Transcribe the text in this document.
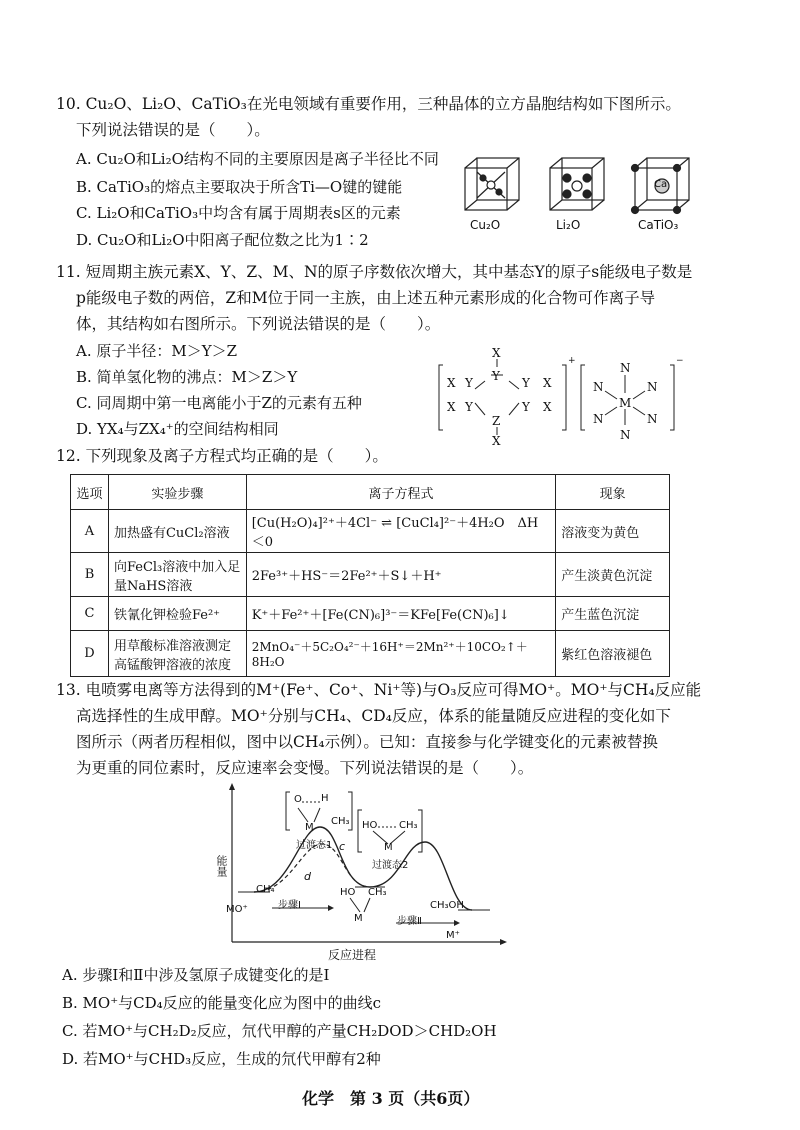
10. Cu₂O、Li₂O、CaTiO₃在光电领域有重要作用，三种晶体的立方晶胞结构如下图所示。
下列说法错误的是（　　）。
A. Cu₂O和Li₂O结构不同的主要原因是离子半径比不同
B. CaTiO₃的熔点主要取决于所含Ti—O键的键能
C. Li₂O和CaTiO₃中均含有属于周期表s区的元素
D. Cu₂O和Li₂O中阳离子配位数之比为1∶2
Cu₂O	Li₂O	CaTiO₃
Ca
11. 短周期主族元素X、Y、Z、M、N的原子序数依次增大，其中基态Y的原子s能级电子数是
p能级电子数的两倍，Z和M位于同一主族，由上述五种元素形成的化合物可作离子导
体，其结构如右图所示。下列说法错误的是（　　）。
A. 原子半径：M＞Y＞Z
B. 简单氢化物的沸点：M＞Z＞Y
C. 同周期中第一电离能小于Z的元素有五种
D. YX₄与ZX₄⁺的空间结构相同
X
Y
X Y	Y X
X Y	Y X
Z
X
+	N
N	N
M
N	N
N
−
12. 下列现象及离子方程式均正确的是（　　）。
选项	实验步骤	离子方程式	现象
A	加热盛有CuCl₂溶液	[Cu(H₂O)₄]²⁺＋4Cl⁻ ⇌ [CuCl₄]²⁻＋4H₂O　ΔH＜0	溶液变为黄色
B	向FeCl₃溶液中加入足量NaHS溶液	2Fe³⁺＋HS⁻＝2Fe²⁺＋S↓＋H⁺	产生淡黄色沉淀
C	铁氰化钾检验Fe²⁺	K⁺＋Fe²⁺＋[Fe(CN)₆]³⁻＝KFe[Fe(CN)₆]↓	产生蓝色沉淀
D	用草酸标准溶液测定高锰酸钾溶液的浓度	2MnO₄⁻＋5C₂O₄²⁻＋16H⁺＝2Mn²⁺＋10CO₂↑＋8H₂O	紫红色溶液褪色
13. 电喷雾电离等方法得到的M⁺(Fe⁺、Co⁺、Ni⁺等)与O₃反应可得MO⁺。MO⁺与CH₄反应能
高选择性的生成甲醇。MO⁺分别与CH₄、CD₄反应，体系的能量随反应进程的变化如下
图所示（两者历程相似，图中以CH₄示例）。已知：直接参与化学键变化的元素被替换
为更重的同位素时，反应速率会变慢。下列说法错误的是（　　）。
能量
反应进程
O H
M
CH₃
过渡态1
HO CH₃
M
过渡态2
c
d
CH₄
MO⁺	步骤Ⅰ
HO CH₃
M	步骤Ⅱ
CH₃OH
M⁺
A. 步骤Ⅰ和Ⅱ中涉及氢原子成键变化的是Ⅰ
B. MO⁺与CD₄反应的能量变化应为图中的曲线c
C. 若MO⁺与CH₂D₂反应，氘代甲醇的产量CH₂DOD＞CHD₂OH
D. 若MO⁺与CHD₃反应，生成的氘代甲醇有2种
化学　第 3 页（共6页）
